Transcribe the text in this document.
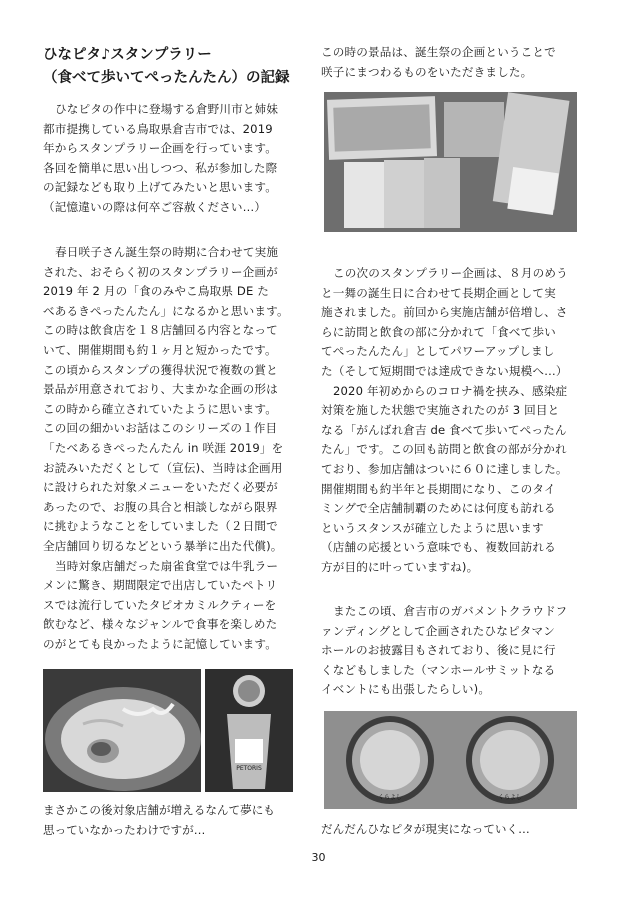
ひなピタ♪スタンプラリー
（食べて歩いてぺったんたん）の記録
ひなピタの作中に登場する倉野川市と姉妹
都市提携している鳥取県倉吉市では、2019
年からスタンプラリー企画を行っています。
各回を簡単に思い出しつつ、私が参加した際
の記録なども取り上げてみたいと思います。
（記憶違いの際は何卒ご容赦ください…）
春日咲子さん誕生祭の時期に合わせて実施
された、おそらく初のスタンプラリー企画が
2019 年 2 月の「食のみやこ鳥取県 DE た
べあるきぺったんたん」になるかと思います。
この時は飲食店を１８店舗回る内容となって
いて、開催期間も約１ヶ月と短かったです。
この頃からスタンプの獲得状況で複数の賞と
景品が用意されており、大まかな企画の形は
この時から確立されていたように思います。
この回の細かいお話はこのシリーズの１作目
「たべあるきぺったんたん in 咲涯 2019」を
お読みいただくとして（宣伝)、当時は企画用
に設けられた対象メニューをいただく必要が
あったので、お腹の具合と相談しながら限界
に挑むようなことをしていました（２日間で
全店舗回り切るなどという暴挙に出た代償)。
当時対象店舗だった扇雀食堂では牛乳ラー
メンに驚き、期間限定で出店していたペトリ
スでは流行していたタピオカミルクティーを
飲むなど、様々なジャンルで食事を楽しめた
のがとても良かったように記憶しています。
PETORIS
まさかこの後対象店舗が増えるなんて夢にも
思っていなかったわけですが…
この時の景品は、誕生祭の企画ということで
咲子にまつわるものをいただきました。
この次のスタンプラリー企画は、８月のめう
と一舞の誕生日に合わせて長期企画として実
施されました。前回から実施店舗が倍増し、さ
らに訪問と飲食の部に分かれて「食べて歩い
てぺったんたん」としてパワーアップしまし
た（そして短期間では達成できない規模へ…）
2020 年初めからのコロナ禍を挟み、感染症
対策を施した状態で実施されたのが 3 回目と
なる「がんばれ倉吉 de 食べて歩いてぺったん
たん」です。この回も訪問と飲食の部が分かれ
ており、参加店舗はついに６０に達しました。
開催期間も約半年と長期間になり、このタイ
ミングで全店舗制覇のためには何度も訪れる
というスタンスが確立したように思います
（店舗の応援という意味でも、複数回訪れる
方が目的に叶っていますね)。
またこの頃、倉吉市のガバメントクラウドフ
ァンディングとして企画されたひなピタマン
ホールのお披露目もされており、後に見に行
くなどもしました（マンホールサミットなる
イベントにも出張したらしい)。
くらよし	くらよし
だんだんひなピタが現実になっていく…
30
